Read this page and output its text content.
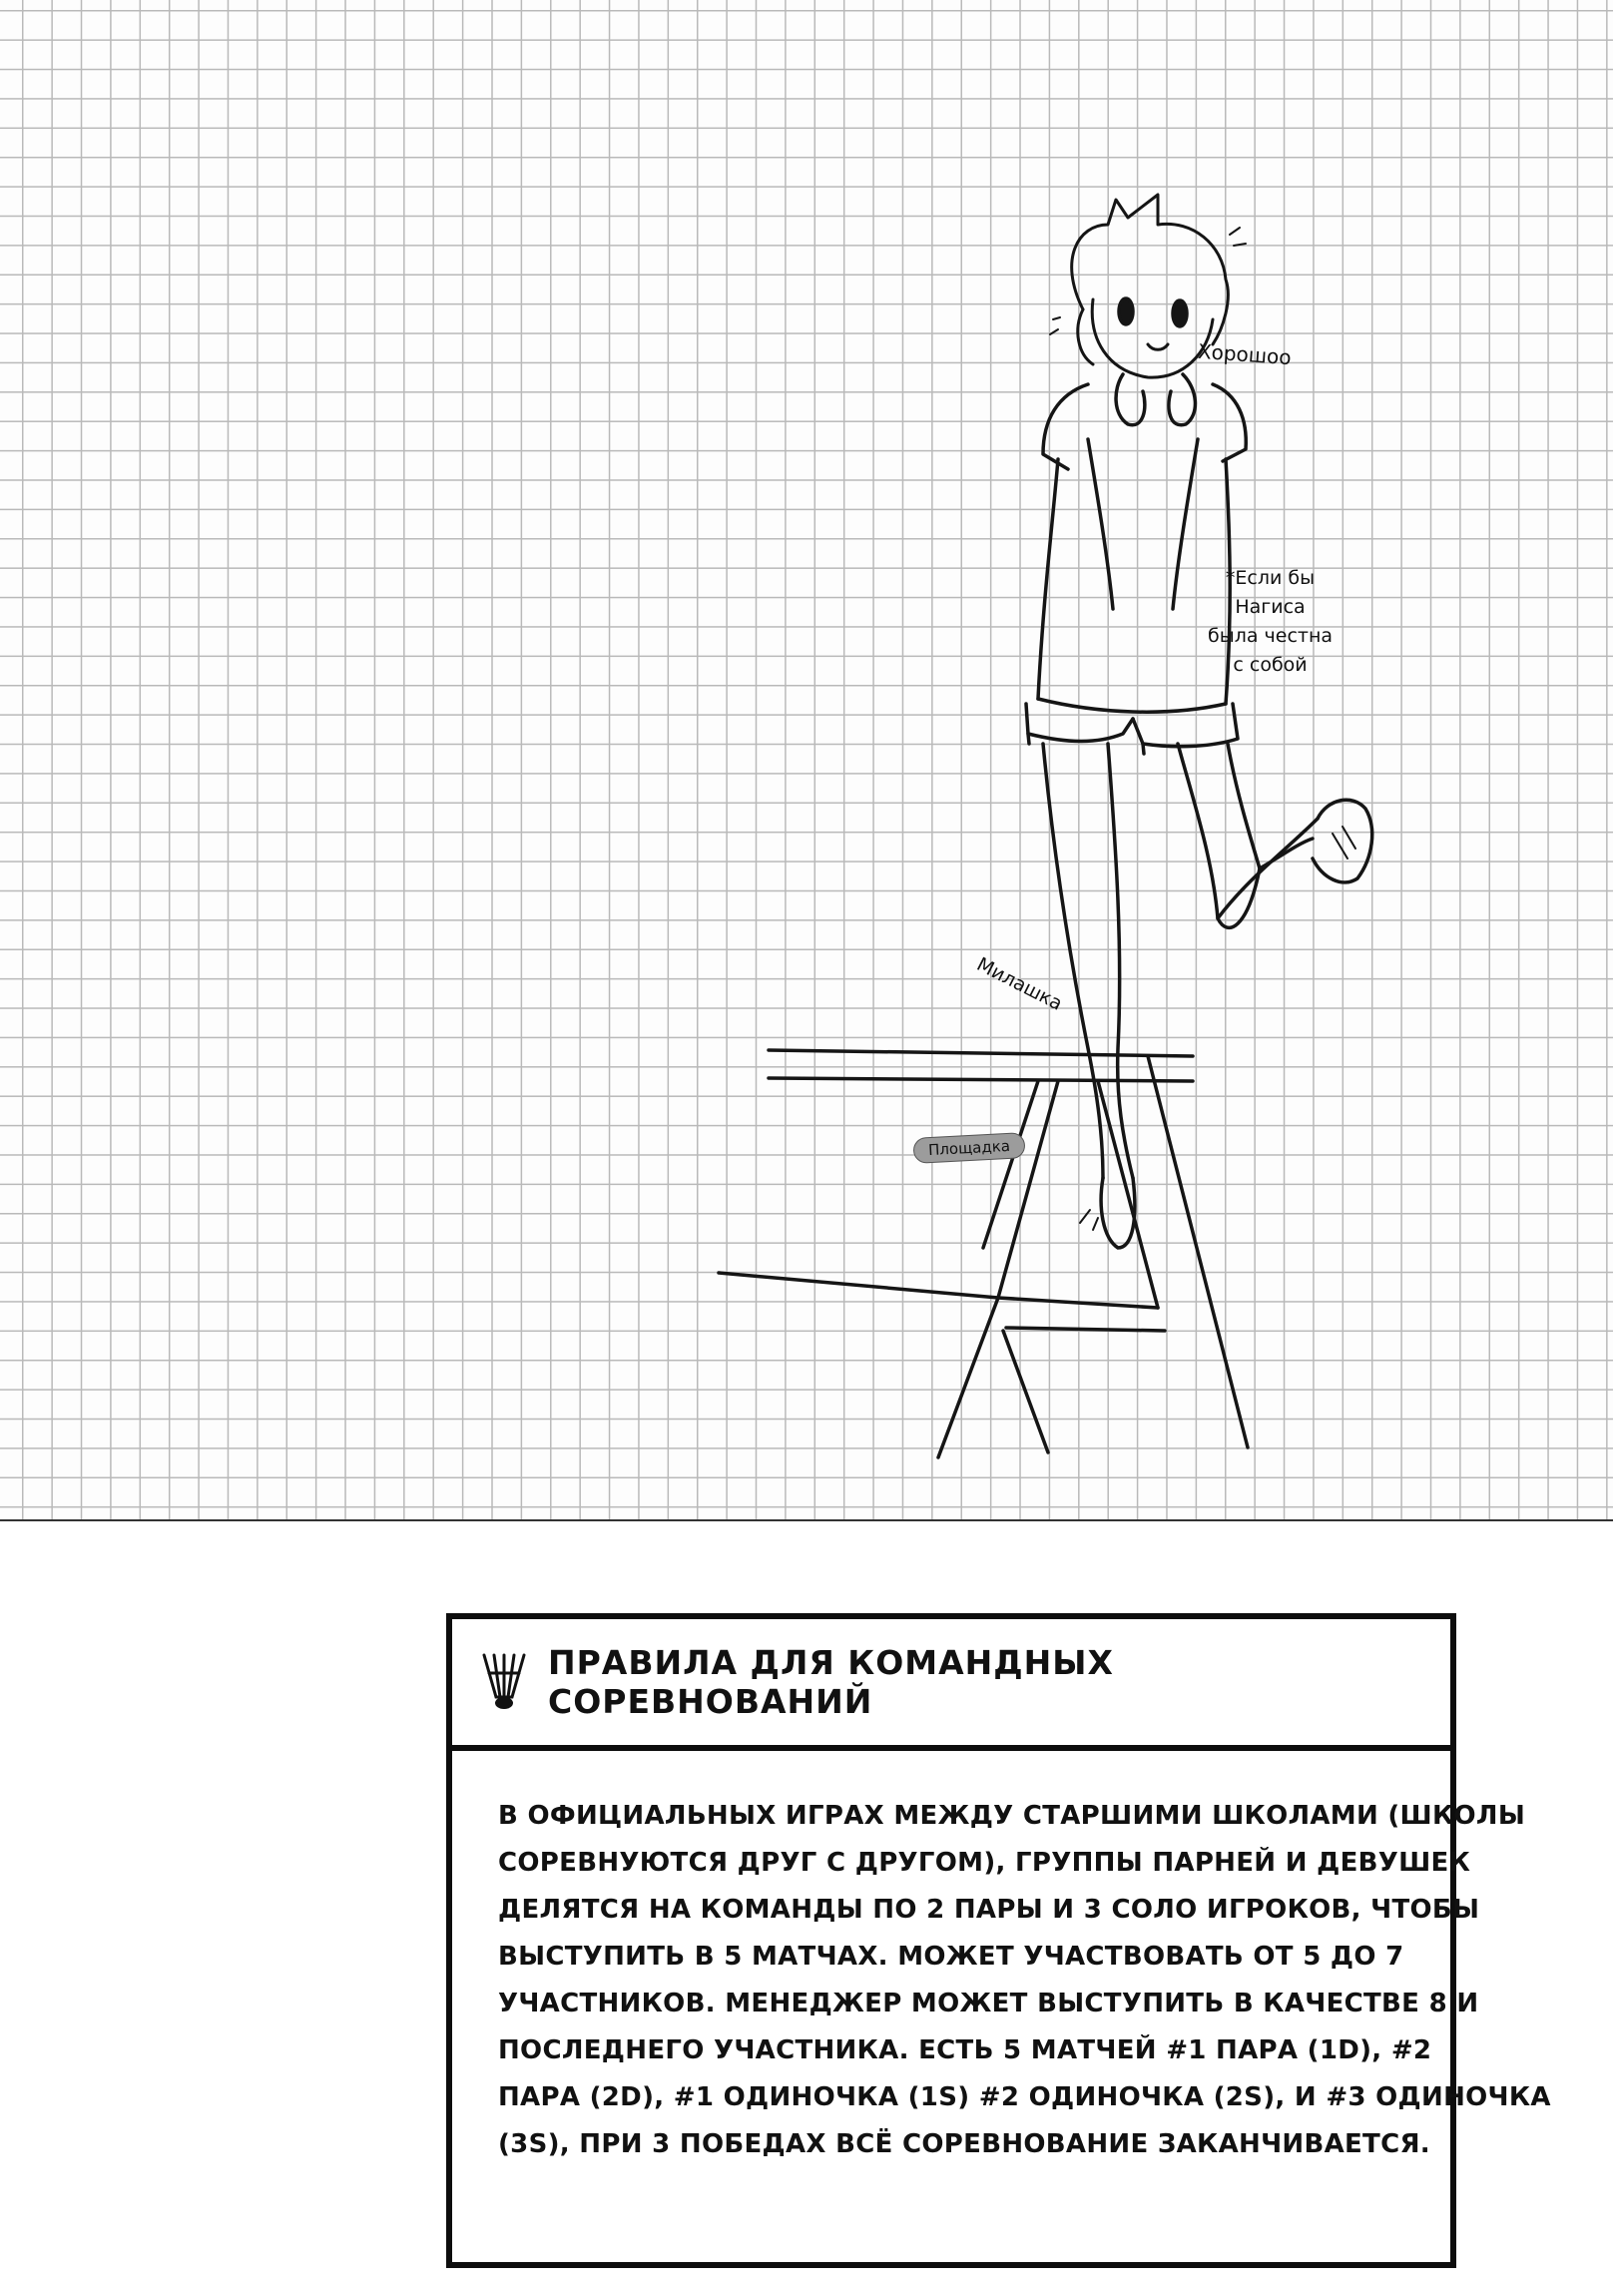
Хорошоо
*Если бы
Нагиса
была честна
с собой
Милашка
Площадка
ПРАВИЛА ДЛЯ КОМАНДНЫХ СОРЕВНОВАНИЙ
В ОФИЦИАЛЬНЫХ ИГРАХ МЕЖДУ СТАРШИМИ ШКОЛАМИ (ШКОЛЫ
СОРЕВНУЮТСЯ ДРУГ С ДРУГОМ), ГРУППЫ ПАРНЕЙ И ДЕВУШЕК
ДЕЛЯТСЯ НА КОМАНДЫ ПО 2 ПАРЫ И 3 СОЛО ИГРОКОВ, ЧТОБЫ
ВЫСТУПИТЬ В 5 МАТЧАХ. МОЖЕТ УЧАСТВОВАТЬ ОТ 5 ДО 7
УЧАСТНИКОВ. МЕНЕДЖЕР МОЖЕТ ВЫСТУПИТЬ В КАЧЕСТВЕ 8 И
ПОСЛЕДНЕГО УЧАСТНИКА. ЕСТЬ 5 МАТЧЕЙ #1 ПАРА (1D), #2
ПАРА (2D), #1 ОДИНОЧКА (1S) #2 ОДИНОЧКА (2S), И #3 ОДИНОЧКА
(3S), ПРИ 3 ПОБЕДАХ ВСЁ СОРЕВНОВАНИЕ ЗАКАНЧИВАЕТСЯ.
